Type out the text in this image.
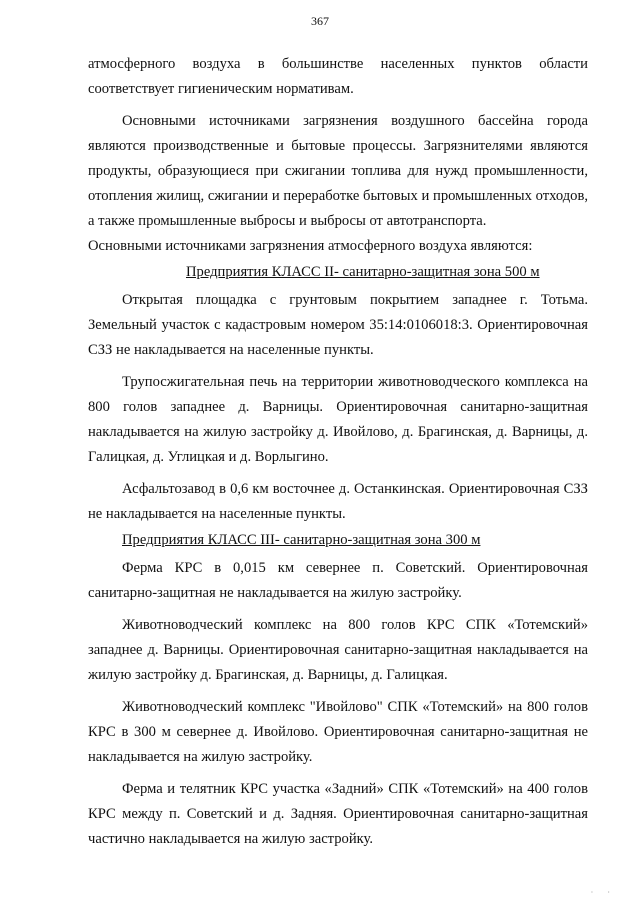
367

атмосферного воздуха в большинстве населенных пунктов области соответствует гигиеническим нормативам.

Основными источниками загрязнения воздушного бассейна города являются производственные и бытовые процессы. Загрязнителями являются продукты, образующиеся при сжигании топлива для нужд промышленности, отопления жилищ, сжигании и переработке бытовых и промышленных отходов, а также промышленные выбросы и выбросы от автотранспорта.

Основными источниками загрязнения атмосферного воздуха являются:

Предприятия КЛАСС II- санитарно-защитная зона 500 м

Открытая площадка с грунтовым покрытием западнее г. Тотьма. Земельный участок с кадастровым номером 35:14:0106018:3. Ориентировочная СЗЗ не накладывается на населенные пункты.

Трупосжигательная печь на территории животноводческого комплекса на 800 голов западнее д. Варницы. Ориентировочная санитарно-защитная накладывается на жилую застройку д. Ивойлово, д. Брагинская, д. Варницы, д. Галицкая, д. Углицкая и д. Ворлыгино.

Асфальтозавод в 0,6 км восточнее д. Останкинская. Ориентировочная СЗЗ не накладывается на населенные пункты.

Предприятия КЛАСС III- санитарно-защитная зона 300 м

Ферма КРС в 0,015 км севернее п. Советский. Ориентировочная санитарно-защитная не накладывается на жилую застройку.

Животноводческий комплекс на 800 голов КРС СПК «Тотемский» западнее д. Варницы. Ориентировочная санитарно-защитная накладывается на жилую застройку д. Брагинская, д. Варницы, д. Галицкая.

Животноводческий комплекс "Ивойлово" СПК «Тотемский» на 800 голов КРС в 300 м севернее д. Ивойлово. Ориентировочная санитарно-защитная не накладывается на жилую застройку.

Ферма и телятник КРС участка «Задний» СПК «Тотемский» на 400 голов КРС между п. Советский и д. Задняя. Ориентировочная санитарно-защитная частично накладывается на жилую застройку.

· ·
